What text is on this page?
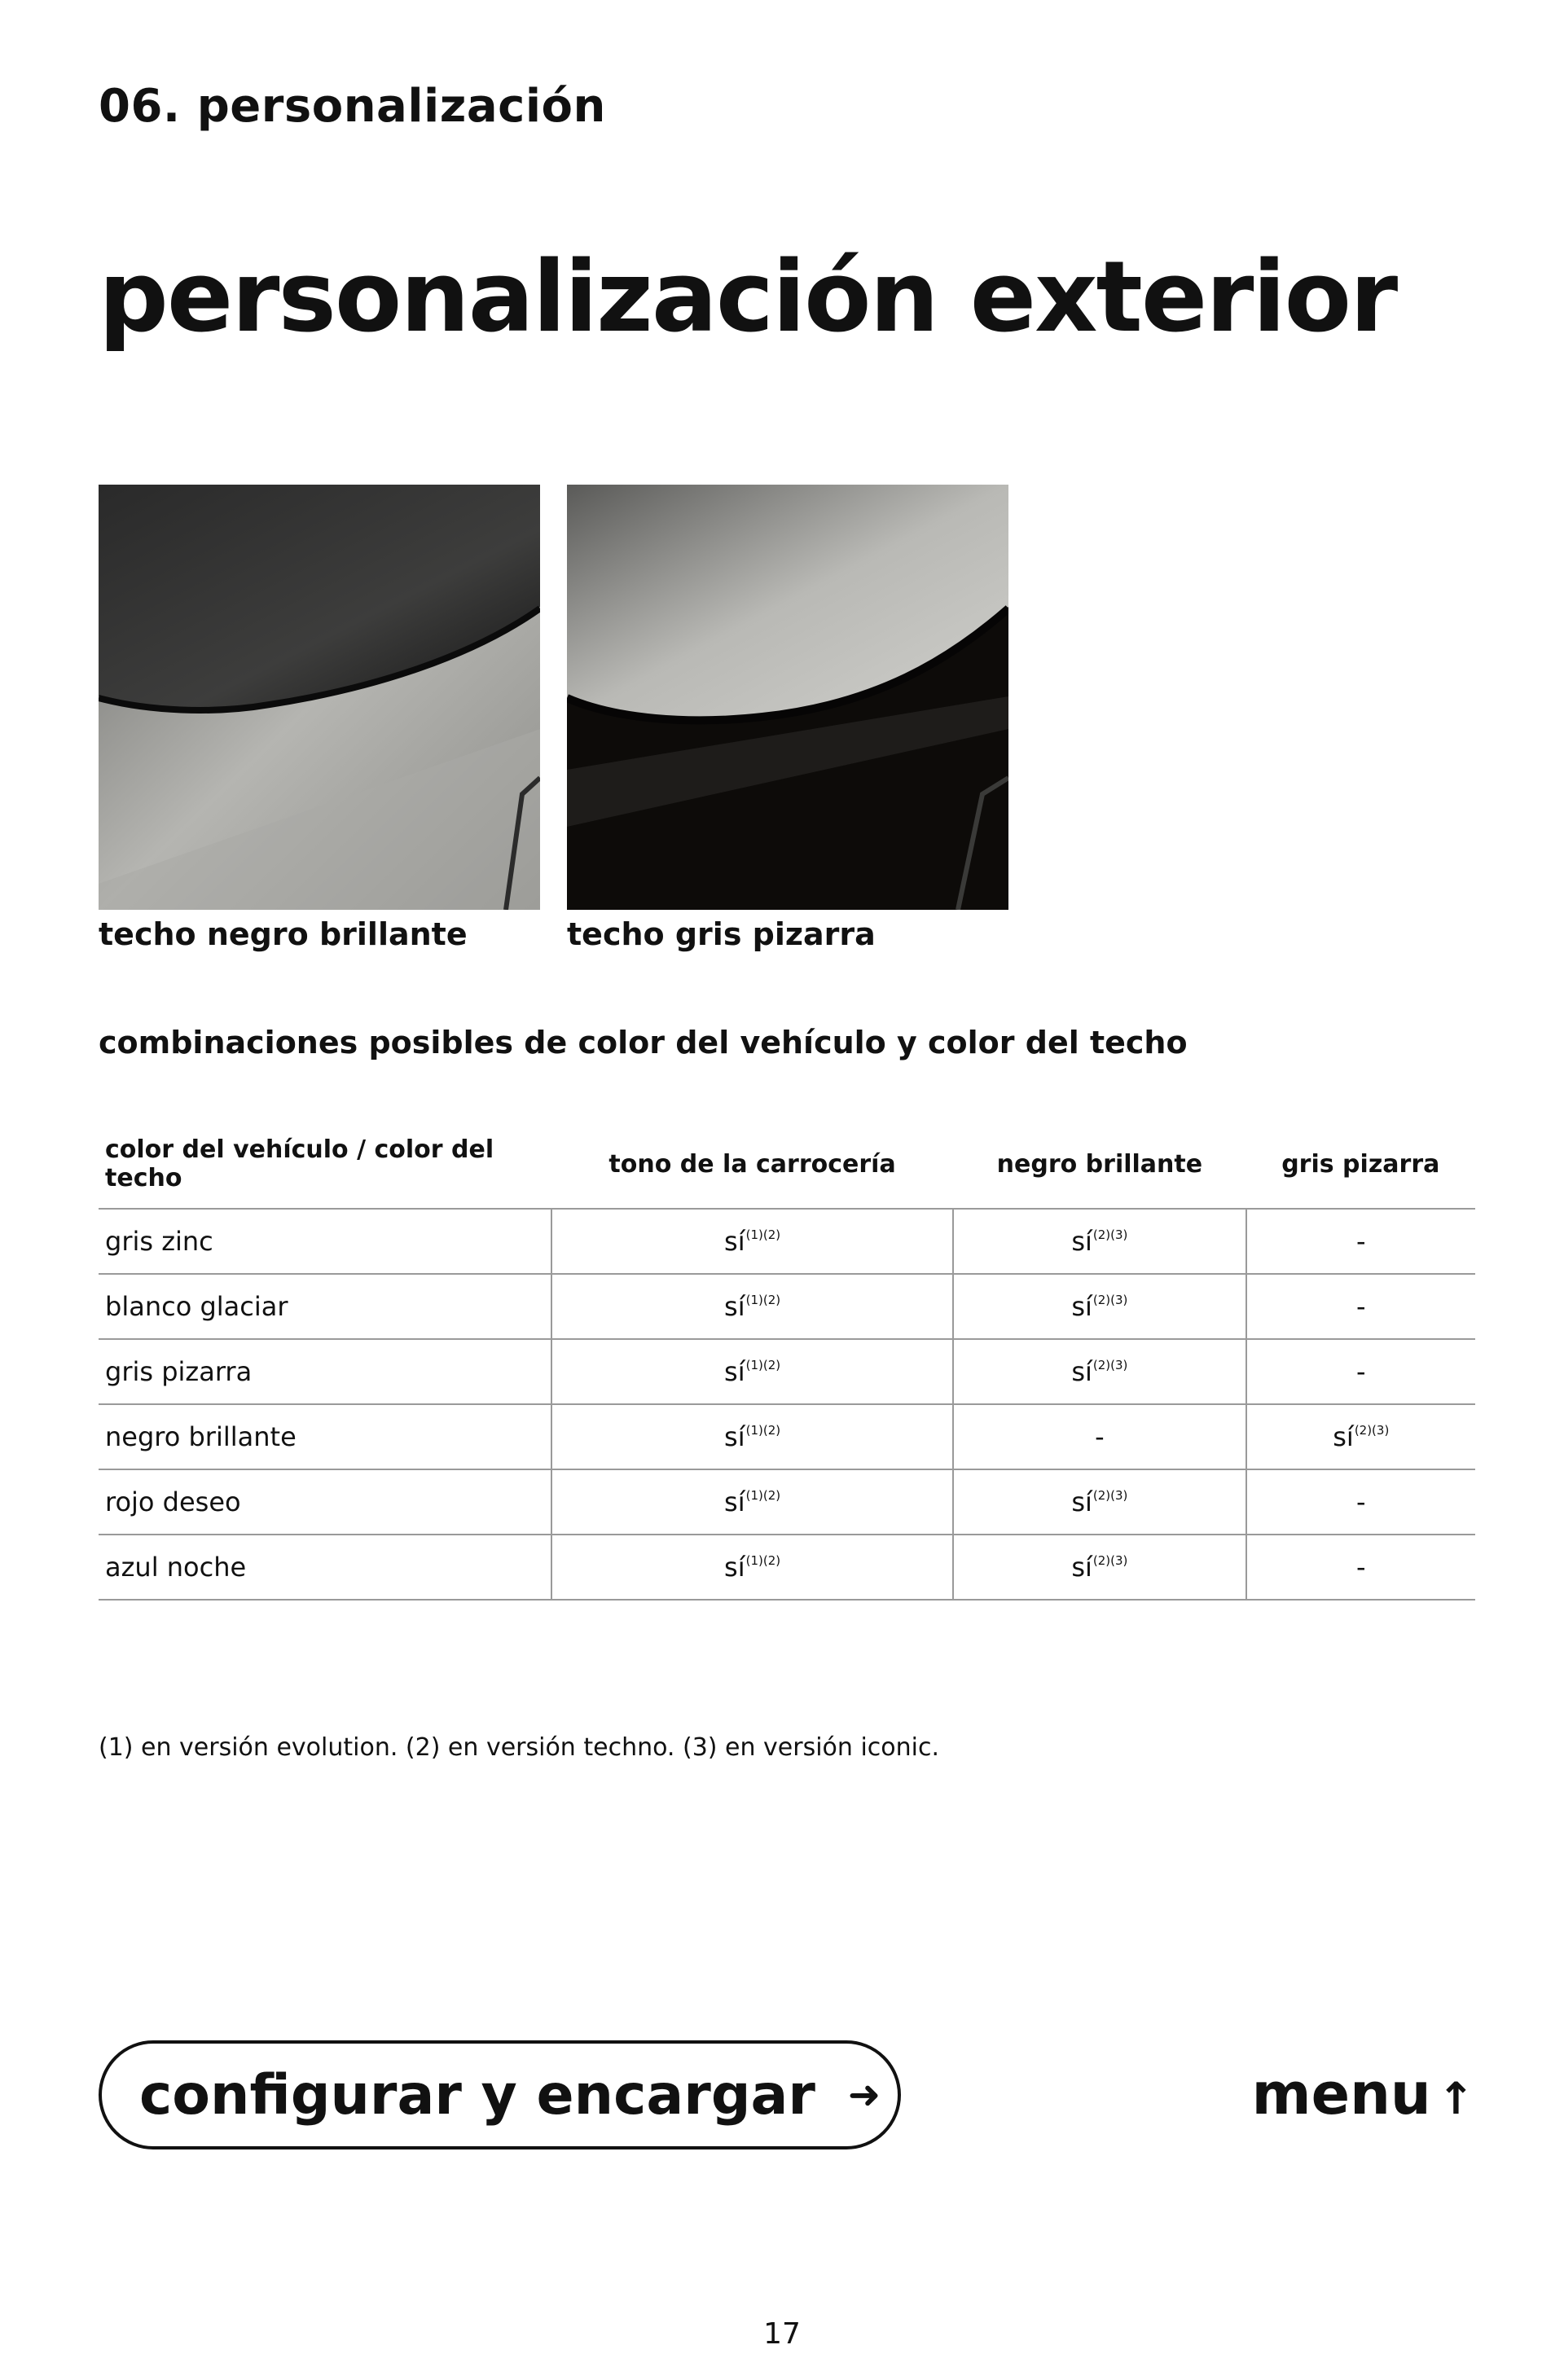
06. personalización
personalización exterior
techo negro brillante	techo gris pizarra
combinaciones posibles de color del vehículo y color del techo
color del vehículo / color del techo	tono de la carrocería	negro brillante	gris pizarra
gris zinc	$sí^{(1)(2)}$	$sí^{(2)(3)}$	-
blanco glaciar	$sí^{(1)(2)}$	$sí^{(2)(3)}$	-
gris pizarra	$sí^{(1)(2)}$	$sí^{(2)(3)}$	-
negro brillante	$sí^{(1)(2)}$	-	$sí^{(2)(3)}$
rojo deseo	$sí^{(1)(2)}$	$sí^{(2)(3)}$	-
azul noche	$sí^{(1)(2)}$	$sí^{(2)(3)}$	-
(1) en versión evolution. (2) en versión techno. (3) en versión iconic.
configurar y encargar ➜	menu ↑
17
